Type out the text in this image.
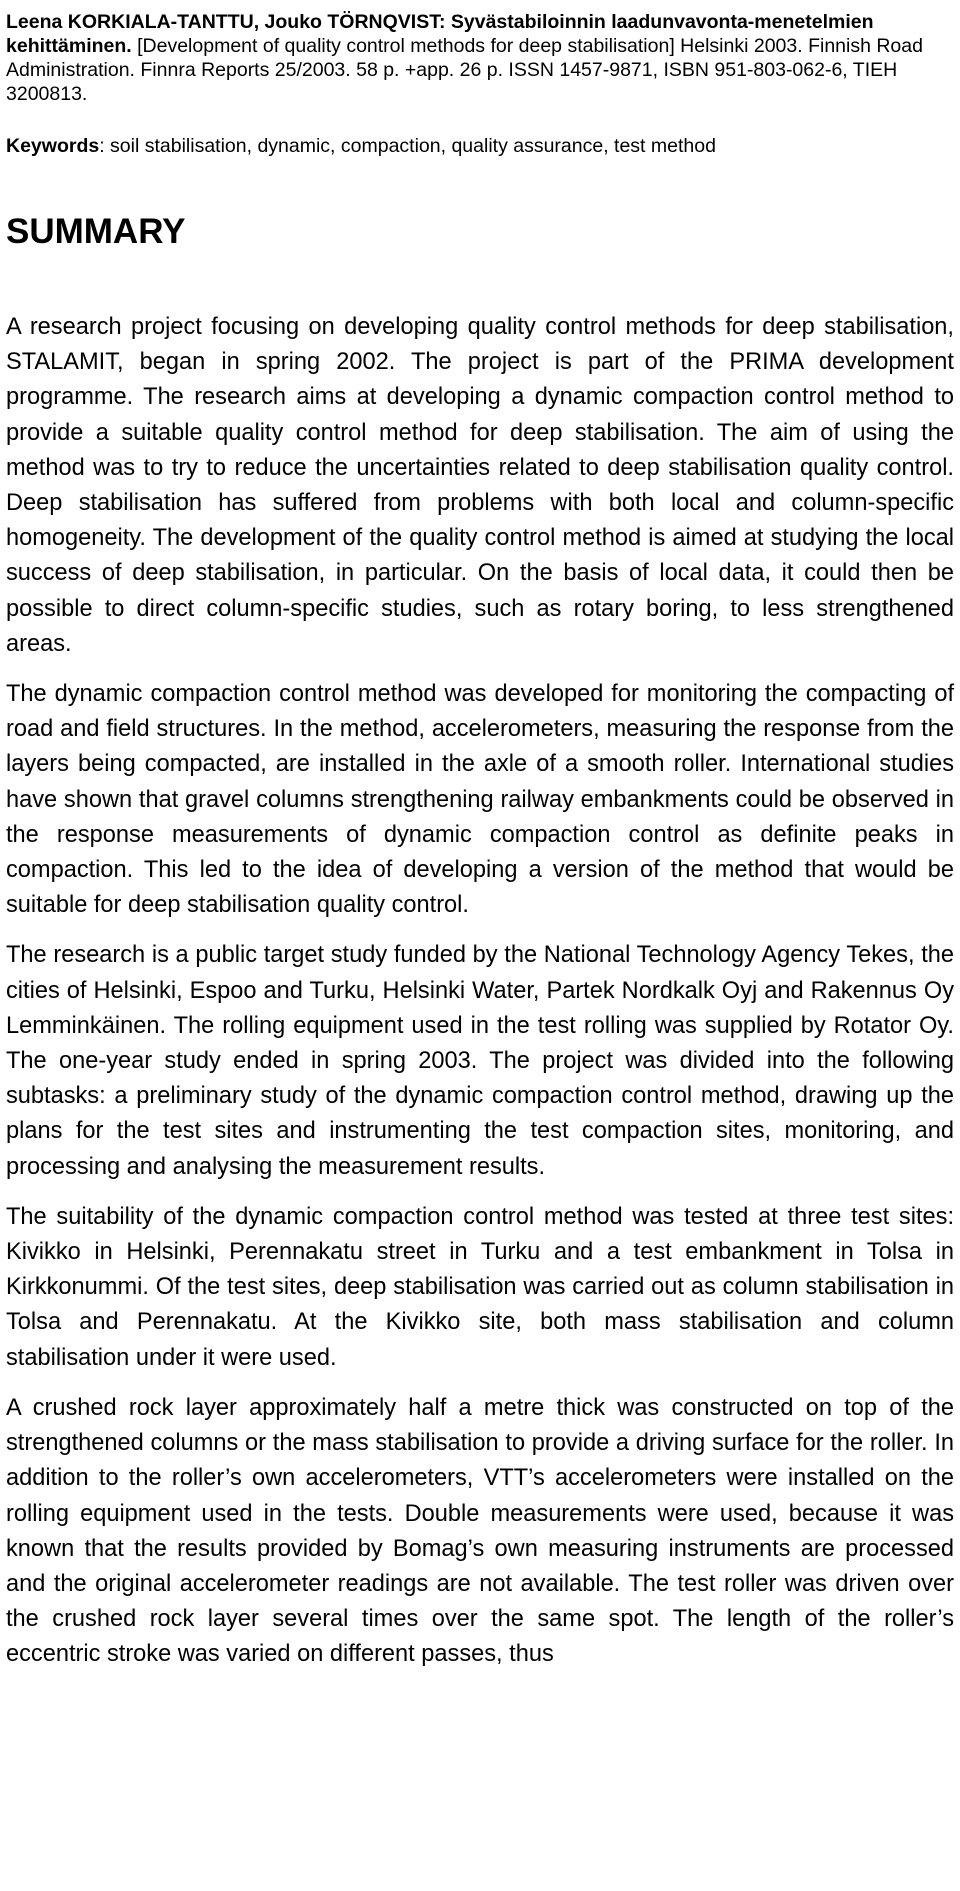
Leena KORKIALA-TANTTU, Jouko TÖRNQVIST: Syvästabiloinnin laadunvavonta-menetelmien kehittäminen. [Development of quality control methods for deep stabilisation] Helsinki 2003. Finnish Road Administration. Finnra Reports 25/2003. 58 p. +app. 26 p. ISSN 1457-9871, ISBN 951-803-062-6, TIEH 3200813.

Keywords: soil stabilisation, dynamic, compaction, quality assurance, test method

SUMMARY

A research project focusing on developing quality control methods for deep stabilisation, STALAMIT, began in spring 2002. The project is part of the PRIMA development programme. The research aims at developing a dynamic compaction control method to provide a suitable quality control method for deep stabilisation. The aim of using the method was to try to reduce the uncertainties related to deep stabilisation quality control. Deep stabilisation has suffered from problems with both local and column-specific homogeneity. The development of the quality control method is aimed at studying the local success of deep stabilisation, in particular. On the basis of local data, it could then be possible to direct column-specific studies, such as rotary boring, to less strengthened areas.

The dynamic compaction control method was developed for monitoring the compacting of road and field structures. In the method, accelerometers, measuring the response from the layers being compacted, are installed in the axle of a smooth roller. International studies have shown that gravel columns strengthening railway embankments could be observed in the response measurements of dynamic compaction control as definite peaks in compaction. This led to the idea of developing a version of the method that would be suitable for deep stabilisation quality control.

The research is a public target study funded by the National Technology Agency Tekes, the cities of Helsinki, Espoo and Turku, Helsinki Water, Partek Nordkalk Oyj and Rakennus Oy Lemminkäinen. The rolling equipment used in the test rolling was supplied by Rotator Oy. The one-year study ended in spring 2003. The project was divided into the following subtasks: a preliminary study of the dynamic compaction control method, drawing up the plans for the test sites and instrumenting the test compaction sites, monitoring, and processing and analysing the measurement results.

The suitability of the dynamic compaction control method was tested at three test sites: Kivikko in Helsinki, Perennakatu street in Turku and a test embankment in Tolsa in Kirkkonummi. Of the test sites, deep stabilisation was carried out as column stabilisation in Tolsa and Perennakatu. At the Kivikko site, both mass stabilisation and column stabilisation under it were used.

A crushed rock layer approximately half a metre thick was constructed on top of the strengthened columns or the mass stabilisation to provide a driving surface for the roller. In addition to the roller’s own accelerometers, VTT’s accelerometers were installed on the rolling equipment used in the tests. Double measurements were used, because it was known that the results provided by Bomag’s own measuring instruments are processed and the original accelerometer readings are not available. The test roller was driven over the crushed rock layer several times over the same spot. The length of the roller’s eccentric stroke was varied on different passes, thus
